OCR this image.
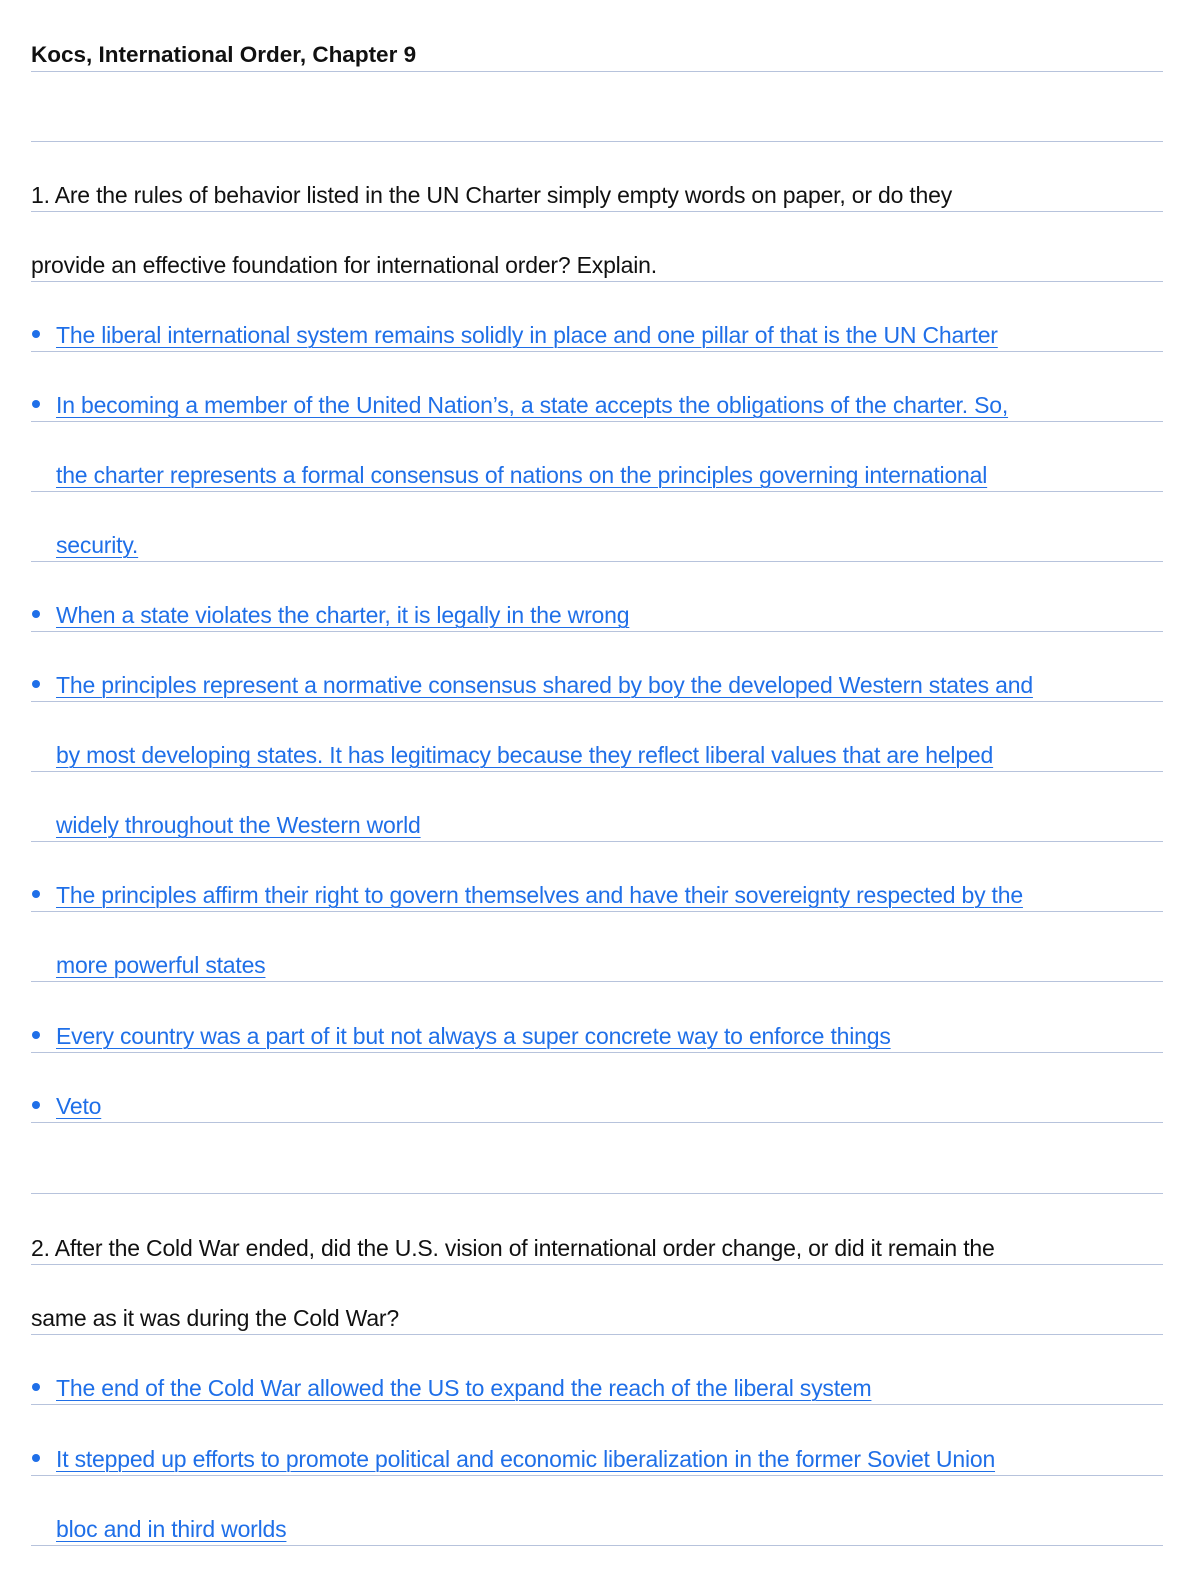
Kocs, International Order, Chapter 9
1. Are the rules of behavior listed in the UN Charter simply empty words on paper, or do they
provide an effective foundation for international order? Explain.
The liberal international system remains solidly in place and one pillar of that is the UN Charter
In becoming a member of the United Nation’s, a state accepts the obligations of the charter. So,
the charter represents a formal consensus of nations on the principles governing international
security.
When a state violates the charter, it is legally in the wrong
The principles represent a normative consensus shared by boy the developed Western states and
by most developing states. It has legitimacy because they reflect liberal values that are helped
widely throughout the Western world
The principles affirm their right to govern themselves and have their sovereignty respected by the
more powerful states
Every country was a part of it but not always a super concrete way to enforce things
Veto
2. After the Cold War ended, did the U.S. vision of international order change, or did it remain the
same as it was during the Cold War?
The end of the Cold War allowed the US to expand the reach of the liberal system
It stepped up efforts to promote political and economic liberalization in the former Soviet Union
bloc and in third worlds
